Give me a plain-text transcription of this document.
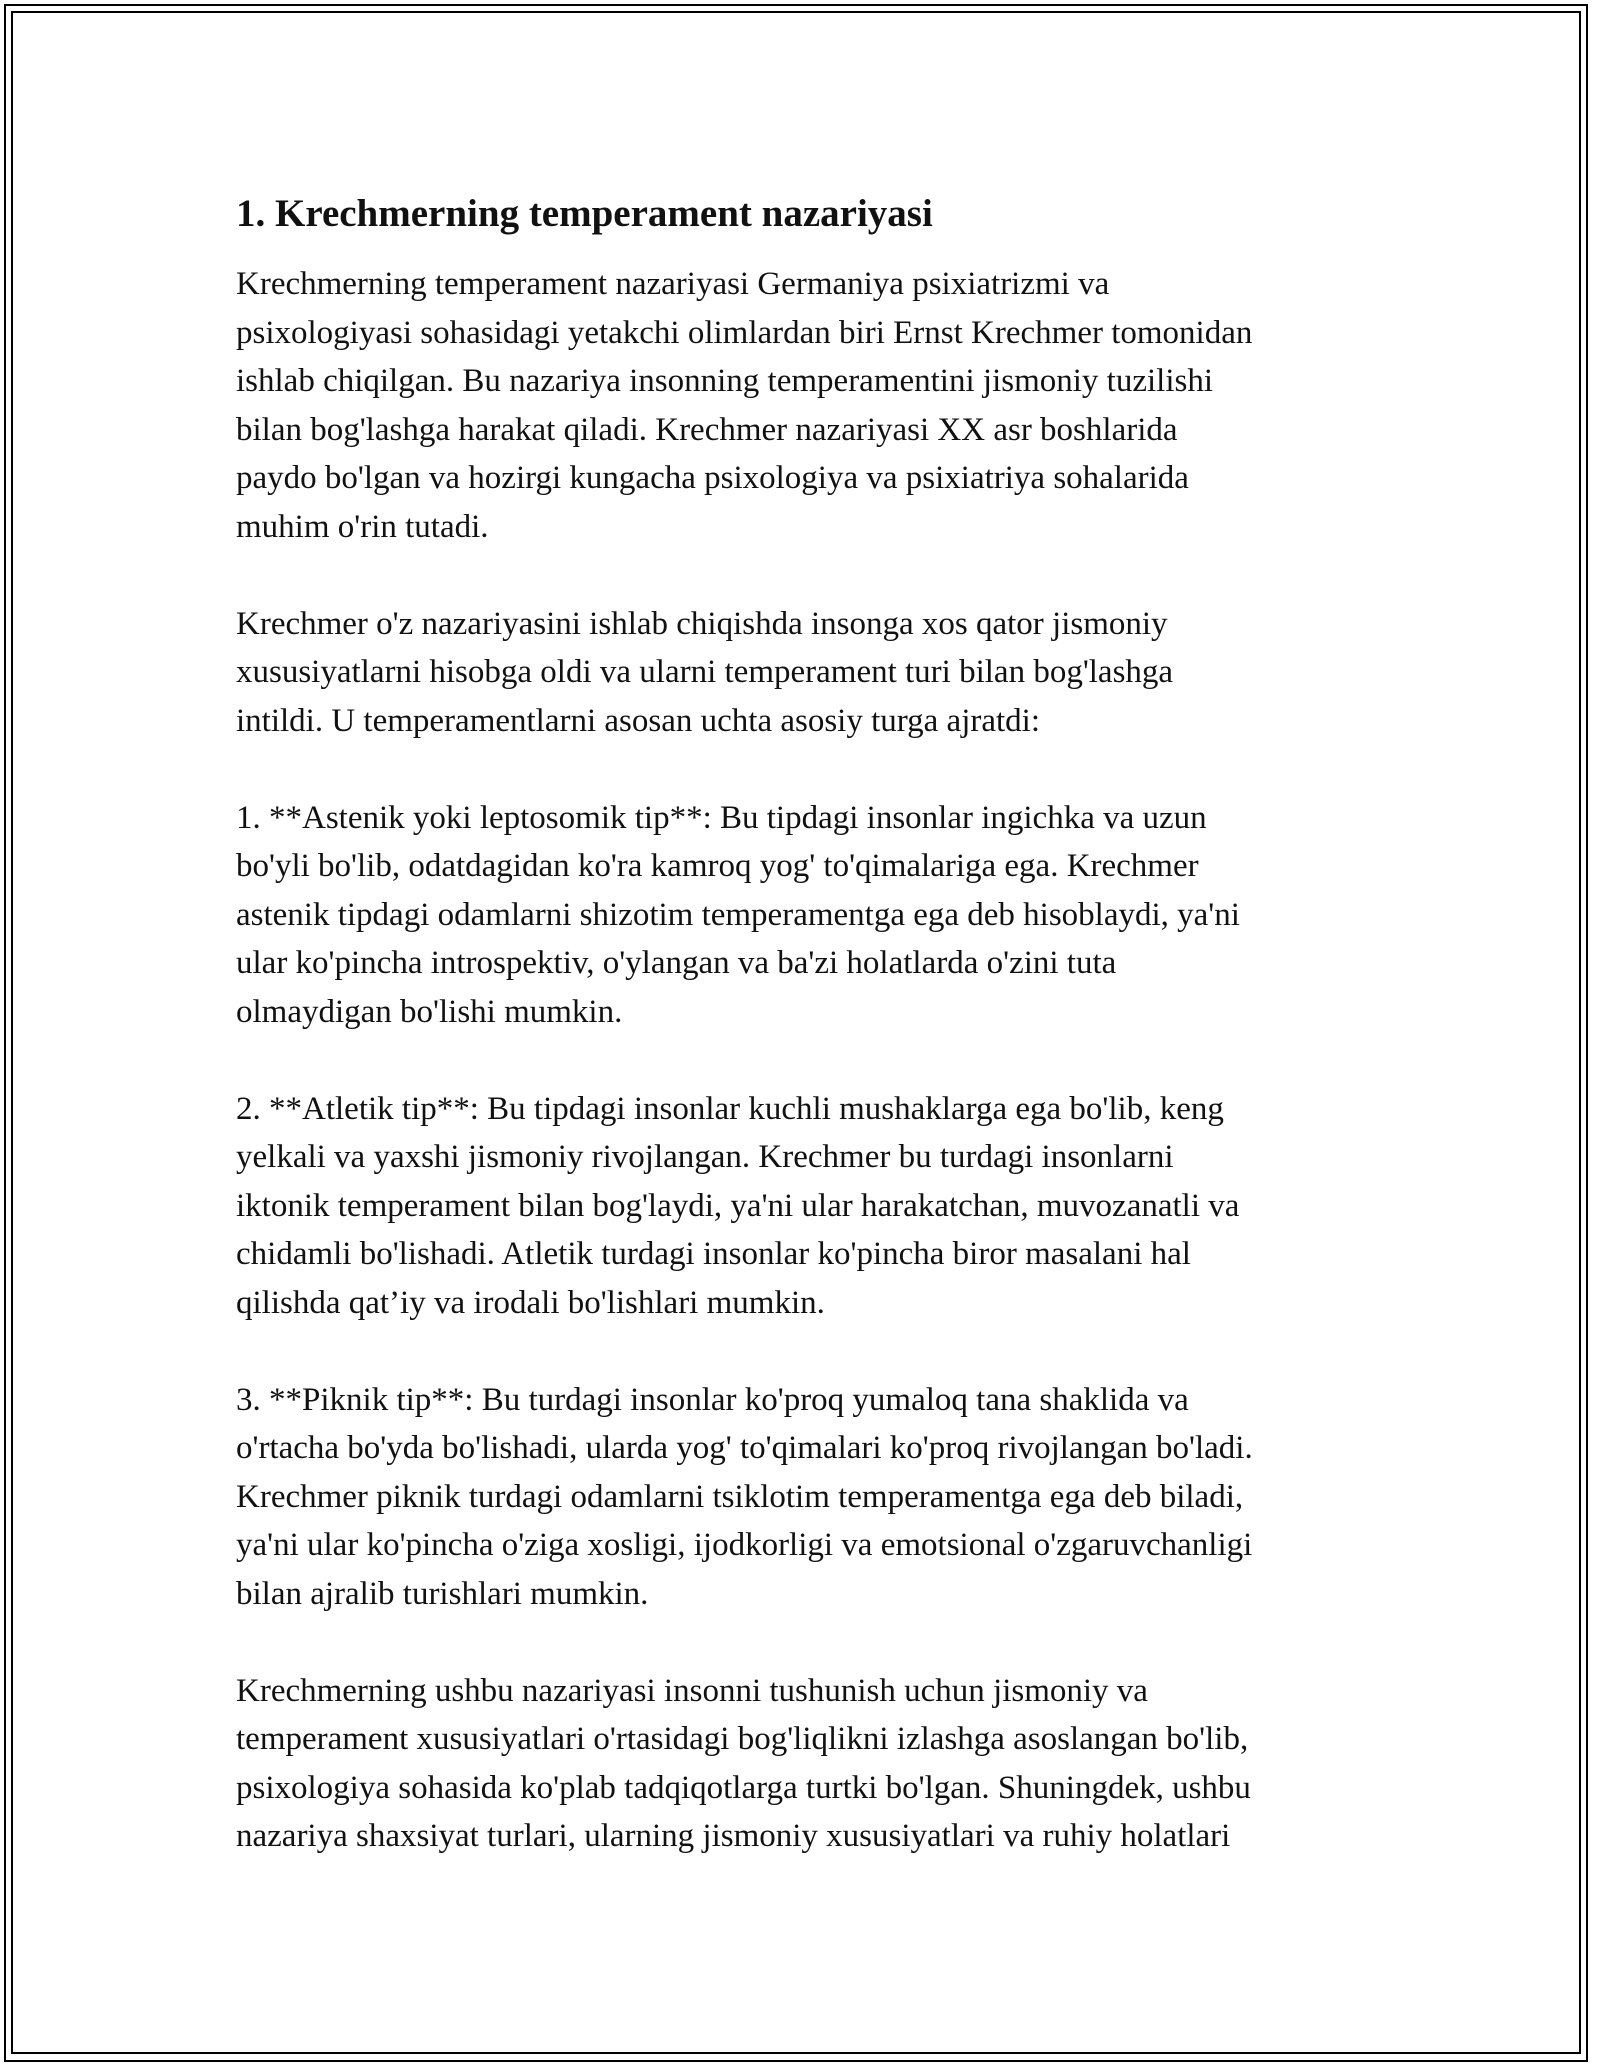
1. Krechmerning temperament nazariyasi

Krechmerning temperament nazariyasi Germaniya psixiatrizmi va
psixologiyasi sohasidagi yetakchi olimlardan biri Ernst Krechmer tomonidan
ishlab chiqilgan. Bu nazariya insonning temperamentini jismoniy tuzilishi
bilan bog'lashga harakat qiladi. Krechmer nazariyasi XX asr boshlarida
paydo bo'lgan va hozirgi kungacha psixologiya va psixiatriya sohalarida
muhim o'rin tutadi.

Krechmer o'z nazariyasini ishlab chiqishda insonga xos qator jismoniy
xususiyatlarni hisobga oldi va ularni temperament turi bilan bog'lashga
intildi. U temperamentlarni asosan uchta asosiy turga ajratdi:

1. **Astenik yoki leptosomik tip**: Bu tipdagi insonlar ingichka va uzun
bo'yli bo'lib, odatdagidan ko'ra kamroq yog' to'qimalariga ega. Krechmer
astenik tipdagi odamlarni shizotim temperamentga ega deb hisoblaydi, ya'ni
ular ko'pincha introspektiv, o'ylangan va ba'zi holatlarda o'zini tuta
olmaydigan bo'lishi mumkin.

2. **Atletik tip**: Bu tipdagi insonlar kuchli mushaklarga ega bo'lib, keng
yelkali va yaxshi jismoniy rivojlangan. Krechmer bu turdagi insonlarni
iktonik temperament bilan bog'laydi, ya'ni ular harakatchan, muvozanatli va
chidamli bo'lishadi. Atletik turdagi insonlar ko'pincha biror masalani hal
qilishda qat’iy va irodali bo'lishlari mumkin.

3. **Piknik tip**: Bu turdagi insonlar ko'proq yumaloq tana shaklida va
o'rtacha bo'yda bo'lishadi, ularda yog' to'qimalari ko'proq rivojlangan bo'ladi.
Krechmer piknik turdagi odamlarni tsiklotim temperamentga ega deb biladi,
ya'ni ular ko'pincha o'ziga xosligi, ijodkorligi va emotsional o'zgaruvchanligi
bilan ajralib turishlari mumkin.

Krechmerning ushbu nazariyasi insonni tushunish uchun jismoniy va
temperament xususiyatlari o'rtasidagi bog'liqlikni izlashga asoslangan bo'lib,
psixologiya sohasida ko'plab tadqiqotlarga turtki bo'lgan. Shuningdek, ushbu
nazariya shaxsiyat turlari, ularning jismoniy xususiyatlari va ruhiy holatlari
